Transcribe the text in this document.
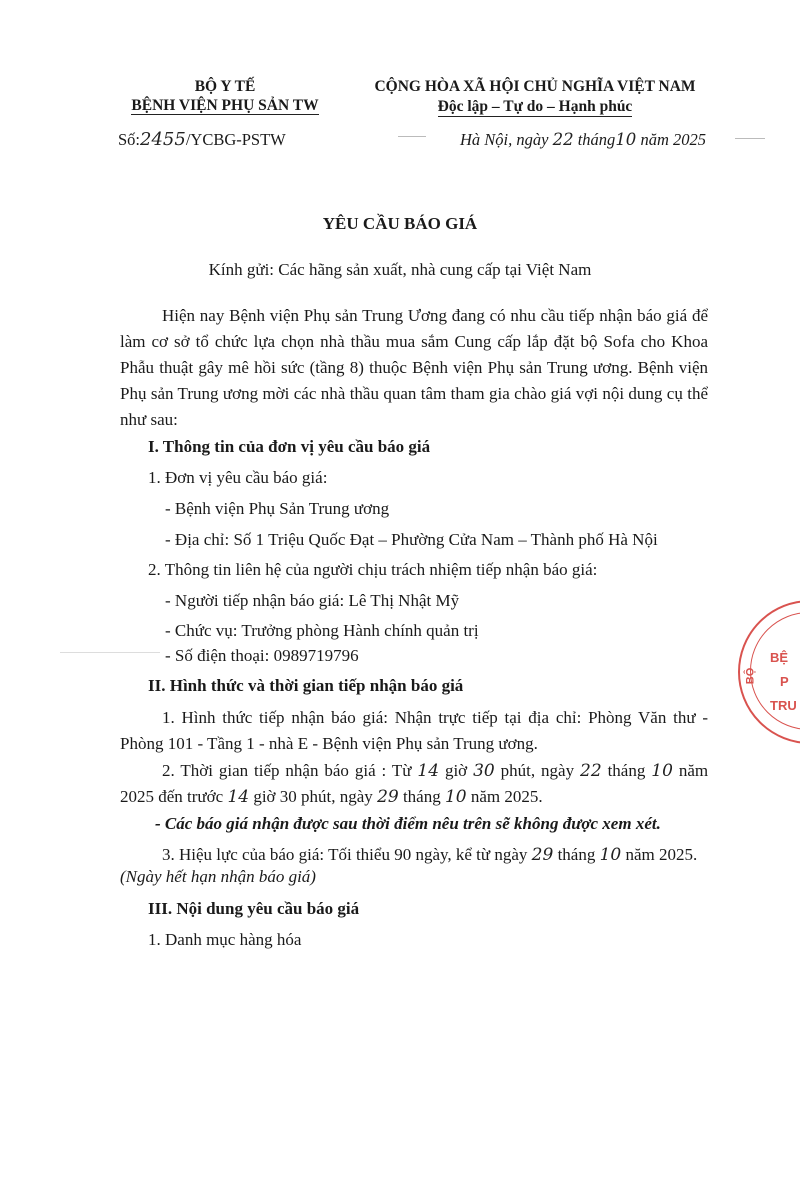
BỘ Y TẾ
BỆNH VIỆN PHỤ SẢN TW
Số:2455/YCBG-PSTW
CỘNG HÒA XÃ HỘI CHỦ NGHĨA VIỆT NAM
Độc lập – Tự do – Hạnh phúc
Hà Nội, ngày 22 tháng10 năm 2025
YÊU CẦU BÁO GIÁ
Kính gửi: Các hãng sản xuất, nhà cung cấp tại Việt Nam
Hiện nay Bệnh viện Phụ sản Trung Ương đang có nhu cầu tiếp nhận báo giá để làm cơ sở tổ chức lựa chọn nhà thầu mua sắm Cung cấp lắp đặt bộ Sofa cho Khoa Phẫu thuật gây mê hồi sức (tầng 8) thuộc Bệnh viện Phụ sản Trung ương. Bệnh viện Phụ sản Trung ương mời các nhà thầu quan tâm tham gia chào giá vợi nội dung cụ thể như sau:
I. Thông tin của đơn vị yêu cầu báo giá
1. Đơn vị yêu cầu báo giá:
- Bệnh viện Phụ Sản Trung ương
- Địa chỉ: Số 1 Triệu Quốc Đạt – Phường Cửa Nam – Thành phố Hà Nội
2. Thông tin liên hệ của người chịu trách nhiệm tiếp nhận báo giá:
- Người tiếp nhận báo giá: Lê Thị Nhật Mỹ
- Chức vụ: Trưởng phòng Hành chính quản trị
- Số điện thoại: 0989719796
II. Hình thức và thời gian tiếp nhận báo giá
1. Hình thức tiếp nhận báo giá: Nhận trực tiếp tại địa chỉ: Phòng Văn thư - Phòng 101 - Tầng 1 - nhà E - Bệnh viện Phụ sản Trung ương.
2. Thời gian tiếp nhận báo giá : Từ 14 giờ 30 phút, ngày 22 tháng 10 năm 2025 đến trước 14 giờ 30 phút, ngày 29 tháng 10 năm 2025.
- Các báo giá nhận được sau thời điểm nêu trên sẽ không được xem xét.
3. Hiệu lực của báo giá: Tối thiểu 90 ngày, kể từ ngày 29 tháng 10 năm 2025.
(Ngày hết hạn nhận báo giá)
III. Nội dung yêu cầu báo giá
1. Danh mục hàng hóa
BỆ
P
TRU
BỘ
